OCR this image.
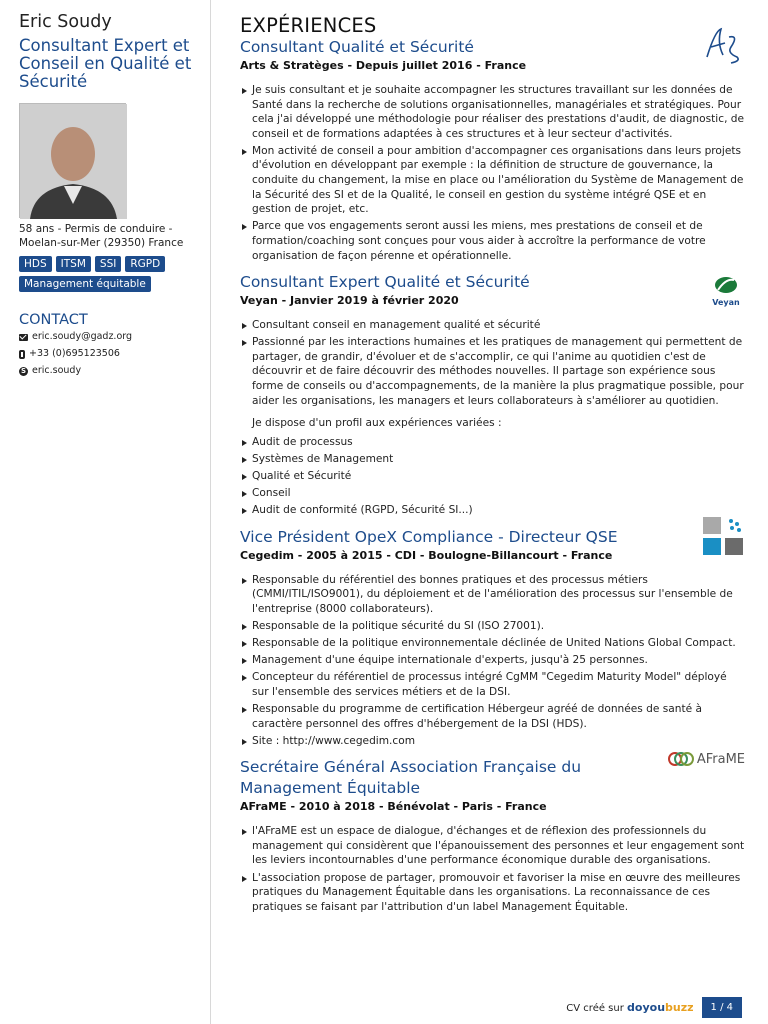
Eric Soudy
Consultant Expert et Conseil en Qualité et Sécurité
58 ans - Permis de conduire - Moelan-sur-Mer (29350) France
HDS	ITSM	SSI	RGPD
Management équitable
CONTACT
eric.soudy@gadz.org
+33 (0)695123506
S eric.soudy
EXPÉRIENCES
Consultant Qualité et Sécurité
Arts & Stratèges - Depuis juillet 2016 - France
Je suis consultant et je souhaite accompagner les structures travaillant sur les données de Santé dans la recherche de solutions organisationnelles, managériales et stratégiques. Pour cela j'ai développé une méthodologie pour réaliser des prestations d'audit, de diagnostic, de conseil et de formations adaptées à ces structures et à leur secteur d'activités.
Mon activité de conseil a pour ambition d'accompagner ces organisations dans leurs projets d'évolution en développant par exemple : la définition de structure de gouvernance, la conduite du changement, la mise en place ou l'amélioration du Système de Management de la Sécurité des SI et de la Qualité, le conseil en gestion du système intégré QSE et en gestion de projet, etc.
Parce que vos engagements seront aussi les miens, mes prestations de conseil et de formation/coaching sont conçues pour vous aider à accroître la performance de votre organisation de façon pérenne et opérationnelle.
Consultant Expert Qualité et Sécurité
Veyan - Janvier 2019 à février 2020	Veyan
Consultant conseil en management qualité et sécurité
Passionné par les interactions humaines et les pratiques de management qui permettent de partager, de grandir, d'évoluer et de s'accomplir, ce qui l'anime au quotidien c'est de découvrir et de faire découvrir des méthodes nouvelles. Il partage son expérience sous forme de conseils ou d'accompagnements, de la manière la plus pragmatique possible, pour aider les organisations, les managers et leurs collaborateurs à s'améliorer au quotidien.
Je dispose d'un profil aux expériences variées :
Audit de processus
Systèmes de Management
Qualité et Sécurité
Conseil
Audit de conformité (RGPD, Sécurité SI...)
Vice Président OpeX Compliance - Directeur QSE
Cegedim - 2005 à 2015 - CDI - Boulogne-Billancourt - France
Responsable du référentiel des bonnes pratiques et des processus métiers (CMMI/ITIL/ISO9001), du déploiement et de l'amélioration des processus sur l'ensemble de l'entreprise (8000 collaborateurs).
Responsable de la politique sécurité du SI (ISO 27001).
Responsable de la politique environnementale déclinée de United Nations Global Compact.
Management d'une équipe internationale d'experts, jusqu'à 25 personnes.
Concepteur du référentiel de processus intégré CgMM "Cegedim Maturity Model" déployé sur l'ensemble des services métiers et de la DSI.
Responsable du programme de certification Hébergeur agréé de données de santé à caractère personnel des offres d'hébergement de la DSI (HDS).
Site : http://www.cegedim.com
Secrétaire Général Association Française du Management Équitable
AFraME - 2010 à 2018 - Bénévolat - Paris - France
AFraME
l'AFraME est un espace de dialogue, d'échanges et de réflexion des professionnels du management qui considèrent que l'épanouissement des personnes et leur engagement sont les leviers incontournables d'une performance économique durable des organisations.
L'association propose de partager, promouvoir et favoriser la mise en œuvre des meilleures pratiques du Management Équitable dans les organisations. La reconnaissance de ces pratiques se faisant par l'attribution d'un label Management Équitable.
CV créé sur doyoubuzz	1 / 4
